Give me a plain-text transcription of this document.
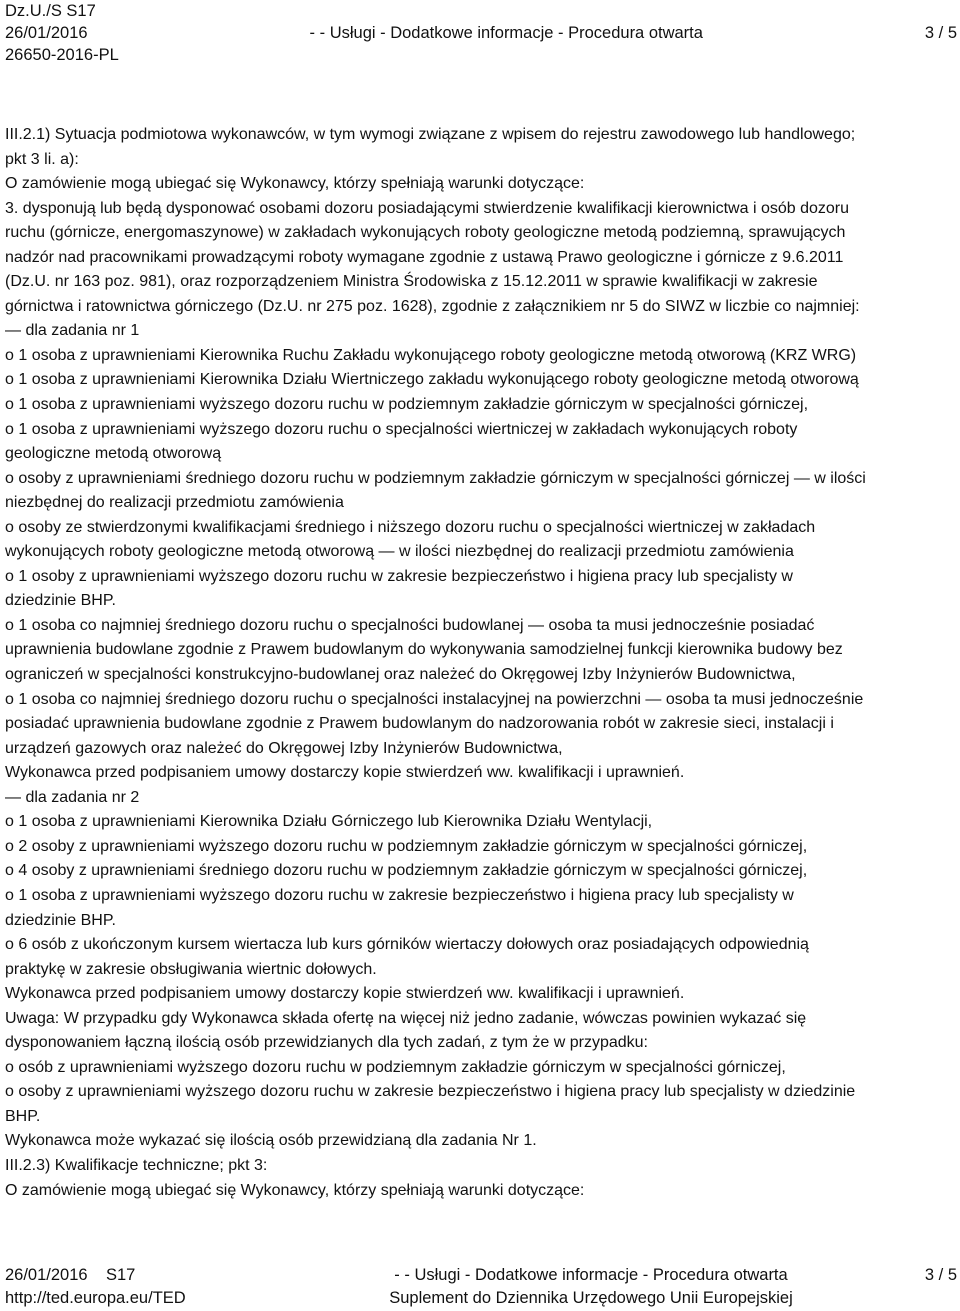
Dz.U./S S17
26/01/2016	- - Usługi - Dodatkowe informacje - Procedura otwarta	3 / 5
26650-2016-PL

III.2.1) Sytuacja podmiotowa wykonawców, w tym wymogi związane z wpisem do rejestru zawodowego lub handlowego;

pkt 3 li. a):

O zamówienie mogą ubiegać się Wykonawcy, którzy spełniają warunki dotyczące:

3. dysponują lub będą dysponować osobami dozoru posiadającymi stwierdzenie kwalifikacji kierownictwa i osób dozoru

ruchu (górnicze, energomaszynowe) w zakładach wykonujących roboty geologiczne metodą podziemną, sprawujących

nadzór nad pracownikami prowadzącymi roboty wymagane zgodnie z ustawą Prawo geologiczne i górnicze z 9.6.2011

(Dz.U. nr 163 poz. 981), oraz rozporządzeniem Ministra Środowiska z 15.12.2011 w sprawie kwalifikacji w zakresie

górnictwa i ratownictwa górniczego (Dz.U. nr 275 poz. 1628), zgodnie z załącznikiem nr 5 do SIWZ w liczbie co najmniej:

— dla zadania nr 1

o 1 osoba z uprawnieniami Kierownika Ruchu Zakładu wykonującego roboty geologiczne metodą otworową (KRZ WRG)

o 1 osoba z uprawnieniami Kierownika Działu Wiertniczego zakładu wykonującego roboty geologiczne metodą otworową

o 1 osoba z uprawnieniami wyższego dozoru ruchu w podziemnym zakładzie górniczym w specjalności górniczej,

o 1 osoba z uprawnieniami wyższego dozoru ruchu o specjalności wiertniczej w zakładach wykonujących roboty

geologiczne metodą otworową

o osoby z uprawnieniami średniego dozoru ruchu w podziemnym zakładzie górniczym w specjalności górniczej — w ilości

niezbędnej do realizacji przedmiotu zamówienia

o osoby ze stwierdzonymi kwalifikacjami średniego i niższego dozoru ruchu o specjalności wiertniczej w zakładach

wykonujących roboty geologiczne metodą otworową — w ilości niezbędnej do realizacji przedmiotu zamówienia

o 1 osoby z uprawnieniami wyższego dozoru ruchu w zakresie bezpieczeństwo i higiena pracy lub specjalisty w

dziedzinie BHP.

o 1 osoba co najmniej średniego dozoru ruchu o specjalności budowlanej — osoba ta musi jednocześnie posiadać

uprawnienia budowlane zgodnie z Prawem budowlanym do wykonywania samodzielnej funkcji kierownika budowy bez

ograniczeń w specjalności konstrukcyjno-budowlanej oraz należeć do Okręgowej Izby Inżynierów Budownictwa,

o 1 osoba co najmniej średniego dozoru ruchu o specjalności instalacyjnej na powierzchni — osoba ta musi jednocześnie

posiadać uprawnienia budowlane zgodnie z Prawem budowlanym do nadzorowania robót w zakresie sieci, instalacji i

urządzeń gazowych oraz należeć do Okręgowej Izby Inżynierów Budownictwa,

Wykonawca przed podpisaniem umowy dostarczy kopie stwierdzeń ww. kwalifikacji i uprawnień.

— dla zadania nr 2

o 1 osoba z uprawnieniami Kierownika Działu Górniczego lub Kierownika Działu Wentylacji,

o 2 osoby z uprawnieniami wyższego dozoru ruchu w podziemnym zakładzie górniczym w specjalności górniczej,

o 4 osoby z uprawnieniami średniego dozoru ruchu w podziemnym zakładzie górniczym w specjalności górniczej,

o 1 osoba z uprawnieniami wyższego dozoru ruchu w zakresie bezpieczeństwo i higiena pracy lub specjalisty w

dziedzinie BHP.

o 6 osób z ukończonym kursem wiertacza lub kurs górników wiertaczy dołowych oraz posiadających odpowiednią

praktykę w zakresie obsługiwania wiertnic dołowych.

Wykonawca przed podpisaniem umowy dostarczy kopie stwierdzeń ww. kwalifikacji i uprawnień.

Uwaga: W przypadku gdy Wykonawca składa ofertę na więcej niż jedno zadanie, wówczas powinien wykazać się

dysponowaniem łączną ilością osób przewidzianych dla tych zadań, z tym że w przypadku:

o osób z uprawnieniami wyższego dozoru ruchu w podziemnym zakładzie górniczym w specjalności górniczej,

o osoby z uprawnieniami wyższego dozoru ruchu w zakresie bezpieczeństwo i higiena pracy lub specjalisty w dziedzinie

BHP.

Wykonawca może wykazać się ilością osób przewidzianą dla zadania Nr 1.

III.2.3) Kwalifikacje techniczne; pkt 3:

O zamówienie mogą ubiegać się Wykonawcy, którzy spełniają warunki dotyczące:

26/01/2016 S17	- - Usługi - Dodatkowe informacje - Procedura otwarta	3 / 5
http://ted.europa.eu/TED	Suplement do Dziennika Urzędowego Unii Europejskiej
